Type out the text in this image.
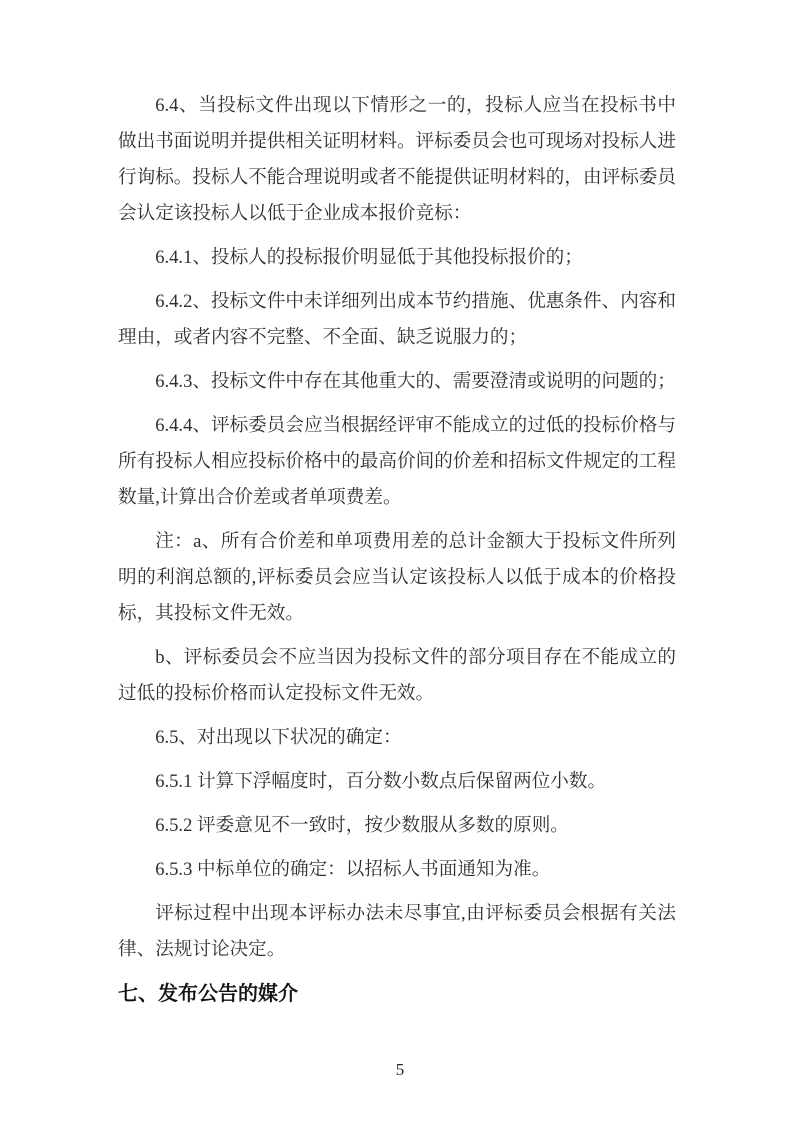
6.4、当投标文件出现以下情形之一的，投标人应当在投标书中做出书面说明并提供相关证明材料。评标委员会也可现场对投标人进行询标。投标人不能合理说明或者不能提供证明材料的，由评标委员会认定该投标人以低于企业成本报价竞标：

6.4.1、投标人的投标报价明显低于其他投标报价的；

6.4.2、投标文件中未详细列出成本节约措施、优惠条件、内容和理由，或者内容不完整、不全面、缺乏说服力的；

6.4.3、投标文件中存在其他重大的、需要澄清或说明的问题的；

6.4.4、评标委员会应当根据经评审不能成立的过低的投标价格与所有投标人相应投标价格中的最高价间的价差和招标文件规定的工程数量,计算出合价差或者单项费差。

注：a、所有合价差和单项费用差的总计金额大于投标文件所列明的利润总额的,评标委员会应当认定该投标人以低于成本的价格投标，其投标文件无效。

b、评标委员会不应当因为投标文件的部分项目存在不能成立的过低的投标价格而认定投标文件无效。

6.5、对出现以下状况的确定：

6.5.1 计算下浮幅度时，百分数小数点后保留两位小数。

6.5.2 评委意见不一致时，按少数服从多数的原则。

6.5.3 中标单位的确定：以招标人书面通知为准。

评标过程中出现本评标办法未尽事宜,由评标委员会根据有关法律、法规讨论决定。

七、发布公告的媒介
5
